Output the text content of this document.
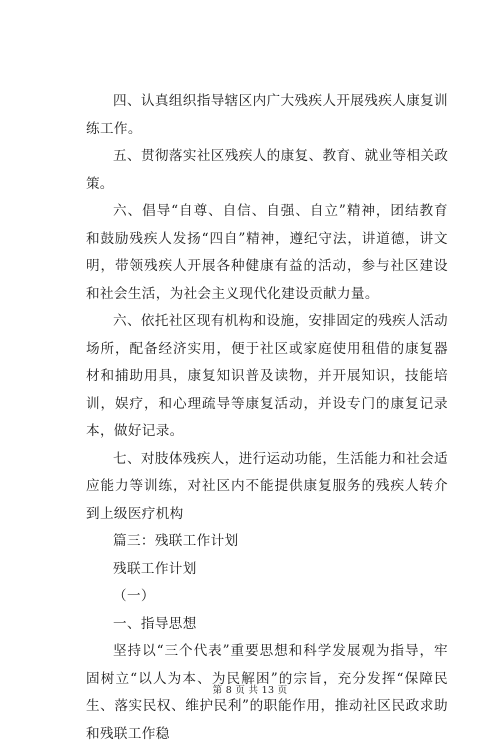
四、认真组织指导辖区内广大残疾人开展残疾人康复训练工作。

五、贯彻落实社区残疾人的康复、教育、就业等相关政策。

六、倡导“自尊、自信、自强、自立”精神，团结教育和鼓励残疾人发扬“四自”精神，遵纪守法，讲道德，讲文明，带领残疾人开展各种健康有益的活动，参与社区建设和社会生活，为社会主义现代化建设贡献力量。

六、依托社区现有机构和设施，安排固定的残疾人活动场所，配备经济实用，便于社区或家庭使用租借的康复器材和捕助用具，康复知识普及读物，并开展知识，技能培训，娱疗，和心理疏导等康复活动，并设专门的康复记录本，做好记录。

七、对肢体残疾人，进行运动功能，生活能力和社会适应能力等训练，对社区内不能提供康复服务的残疾人转介到上级医疗机构

篇三：残联工作计划

残联工作计划

（一）

一、指导思想

坚持以“三个代表”重要思想和科学发展观为指导，牢固树立“以人为本、为民解困”的宗旨，充分发挥“保障民生、落实民权、维护民利”的职能作用，推动社区民政求助和残联工作稳

第 8 页 共 13 页
